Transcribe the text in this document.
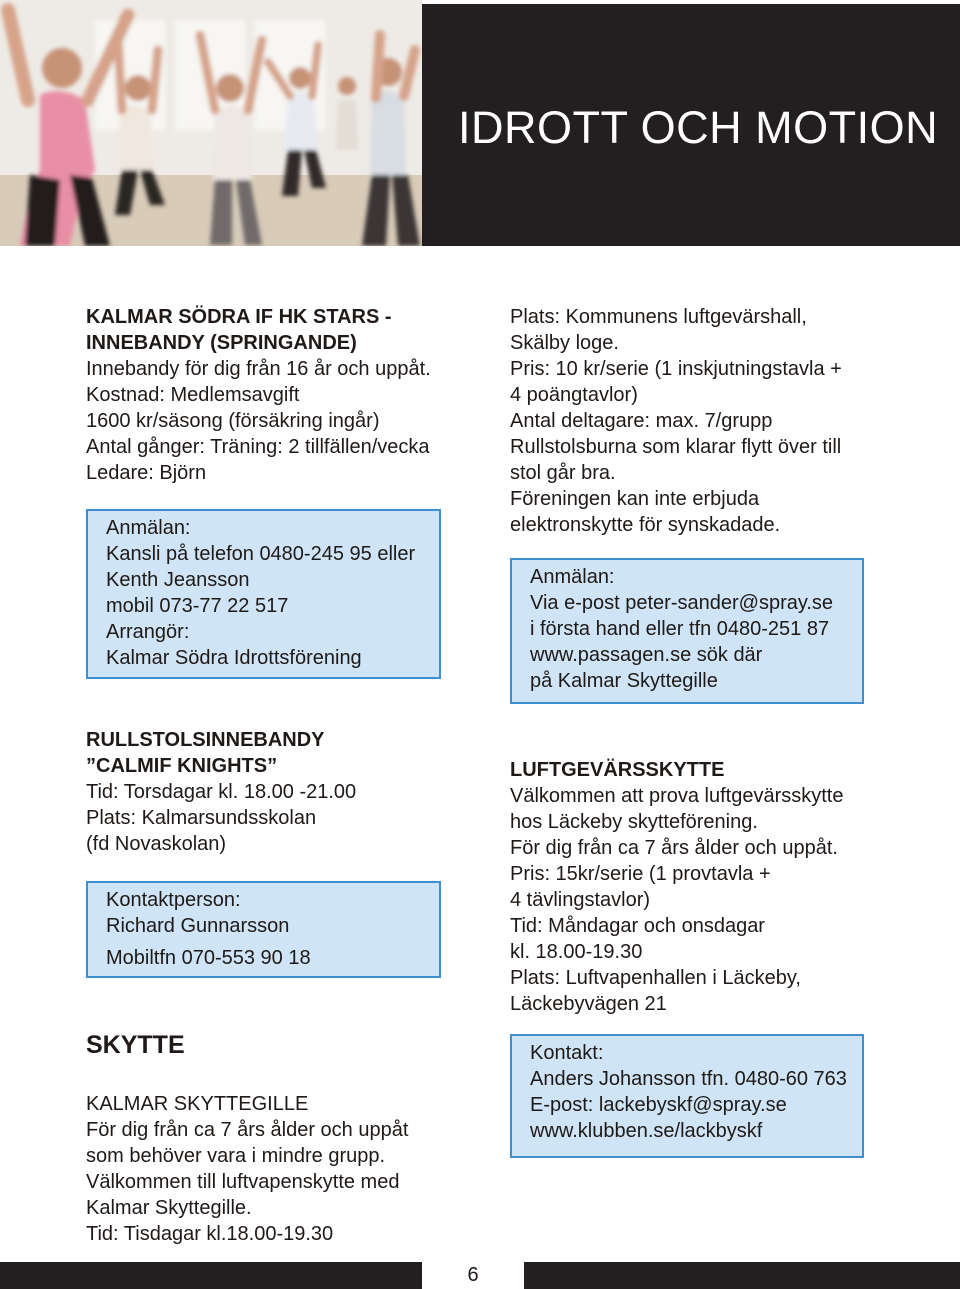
IDROTT OCH MOTION

KALMAR SÖDRA IF HK STARS -

INNEBANDY (SPRINGANDE)

Innebandy för dig från 16 år och uppåt.

Kostnad: Medlemsavgift

1600 kr/säsong (försäkring ingår)

Antal gånger: Träning: 2 tillfällen/vecka

Ledare: Björn

Anmälan:

Kansli på telefon 0480-245 95 eller

Kenth Jeansson

mobil 073-77 22 517

Arrangör:

Kalmar Södra Idrottsförening

RULLSTOLSINNEBANDY

”CALMIF KNIGHTS”

Tid: Torsdagar kl. 18.00 -21.00

Plats: Kalmarsundsskolan

(fd Novaskolan)

Kontaktperson:

Richard Gunnarsson

Mobiltfn 070-553 90 18

SKYTTE

KALMAR SKYTTEGILLE

För dig från ca 7 års ålder och uppåt

som behöver vara i mindre grupp.

Välkommen till luftvapenskytte med

Kalmar Skyttegille.

Tid: Tisdagar kl.18.00-19.30

Plats: Kommunens luftgevärshall,

Skälby loge.

Pris: 10 kr/serie (1 inskjutningstavla +

4 poängtavlor)

Antal deltagare: max. 7/grupp

Rullstolsburna som klarar flytt över till

stol går bra.

Föreningen kan inte erbjuda

elektronskytte för synskadade.

Anmälan:

Via e-post peter-sander@spray.se

i första hand eller tfn 0480-251 87

www.passagen.se sök där

på Kalmar Skyttegille

LUFTGEVÄRSSKYTTE

Välkommen att prova luftgevärsskytte

hos Läckeby skytteförening.

För dig från ca 7 års ålder och uppåt.

Pris: 15kr/serie (1 provtavla +

4 tävlingstavlor)

Tid: Måndagar och onsdagar

kl. 18.00-19.30

Plats: Luftvapenhallen i Läckeby,

Läckebyvägen 21

Kontakt:

Anders Johansson tfn. 0480-60 763

E-post: lackebyskf@spray.se

www.klubben.se/lackbyskf

6
